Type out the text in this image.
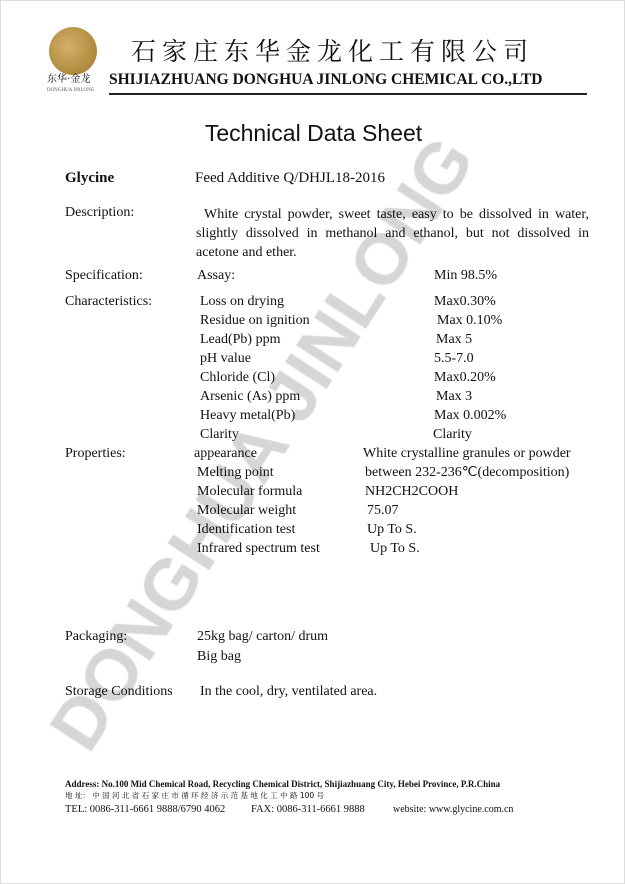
东华·金龙
DONGHUA JINLONG
石家庄东华金龙化工有限公司
SHIJIAZHUANG DONGHUA JINLONG CHEMICAL CO.,LTD
Technical Data Sheet
Glycine	Feed Additive Q/DHJL18-2016
Description:	White crystal powder, sweet taste, easy to be dissolved in water, slightly dissolved in methanol and ethanol, but not dissolved in acetone and ether.
Specification:	Assay:	Min 98.5%
Characteristics:	Loss on drying	Max0.30%
Residue on ignition	Max 0.10%
Lead(Pb) ppm	Max 5
pH value	5.5-7.0
Chloride (Cl)	Max0.20%
Arsenic (As) ppm	Max 3
Heavy metal(Pb)	Max 0.002%
Clarity	Clarity
Properties:	appearance	White crystalline granules or powder
Melting point	between 232-236℃(decomposition)
Molecular formula	NH2CH2COOH
Molecular weight	75.07
Identification test	Up To S.
Infrared spectrum test	Up To S.
Packaging:	25kg bag/ carton/ drum
Big bag
Storage Conditions In the cool, dry, ventilated area.
Address: No.100 Mid Chemical Road, Recycling Chemical District, Shijiazhuang City, Hebei Province, P.R.China
地 址： 中 国 河 北 省 石 家 庄 市 循 环 经 济 示 范 基 地 化 工 中 路 100 号
TEL: 0086-311-6661 9888/6790 4062 FAX: 0086-311-6661 9888	website: www.glycine.com.cn
